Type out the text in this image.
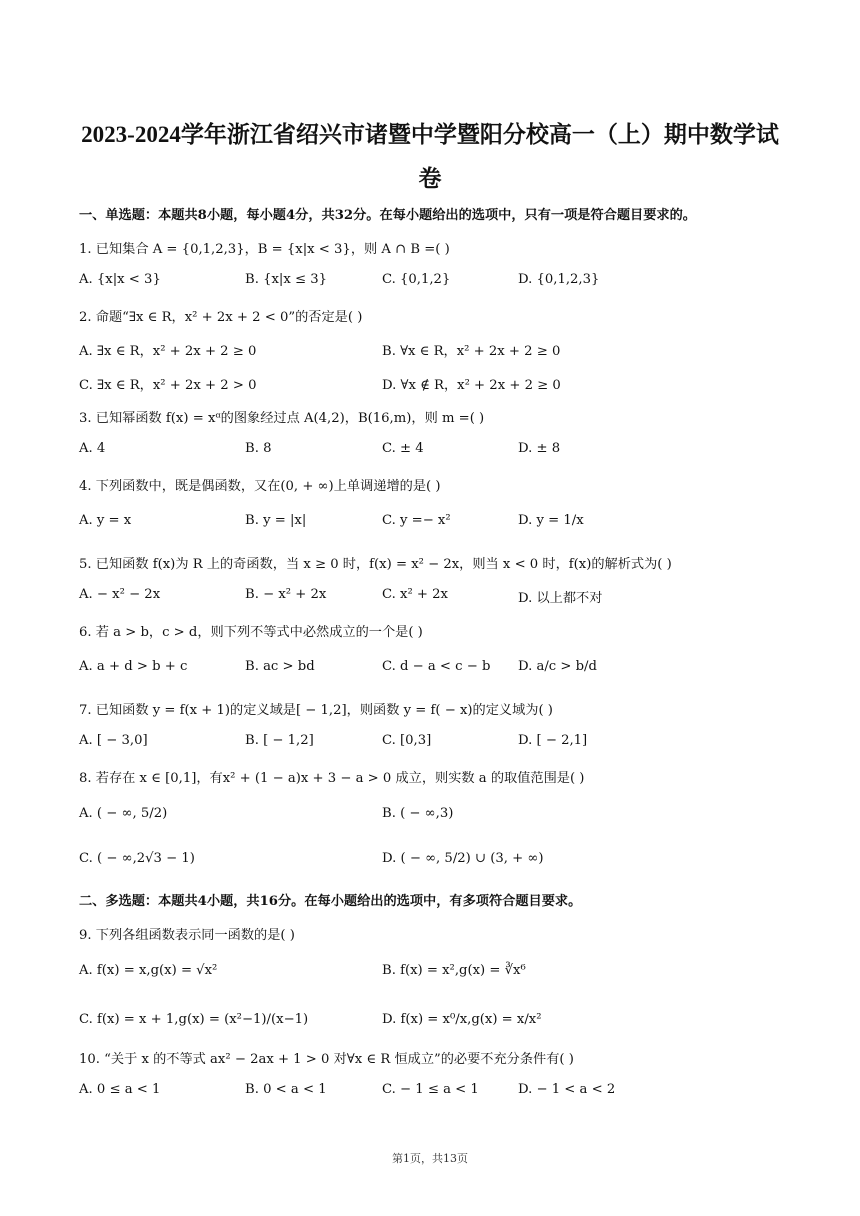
2023-2024学年浙江省绍兴市诸暨中学暨阳分校高一（上）期中数学试
卷
一、单选题：本题共8小题，每小题4分，共32分。在每小题给出的选项中，只有一项是符合题目要求的。
1. 已知集合 A = {0,1,2,3}，B = {x|x < 3}，则 A ∩ B =( )
A. {x|x < 3}	B. {x|x ≤ 3}	C. {0,1,2}	D. {0,1,2,3}
2. 命题“∃x ∈ R，x² + 2x + 2 < 0”的否定是( )
A. ∃x ∈ R，x² + 2x + 2 ≥ 0	B. ∀x ∈ R，x² + 2x + 2 ≥ 0
C. ∃x ∈ R，x² + 2x + 2 > 0	D. ∀x ∉ R，x² + 2x + 2 ≥ 0
3. 已知幂函数 f(x) = xᵅ的图象经过点 A(4,2)，B(16,m)，则 m =( )
A. 4	B. 8	C. ± 4	D. ± 8
4. 下列函数中，既是偶函数，又在(0, + ∞)上单调递增的是( )
A. y = x	B. y = |x|	C. y =− x²	D. y = 1/x
5. 已知函数 f(x)为 R 上的奇函数，当 x ≥ 0 时，f(x) = x² − 2x，则当 x < 0 时，f(x)的解析式为( )
A. − x² − 2x	B. − x² + 2x	C. x² + 2x	D. 以上都不对
6. 若 a > b，c > d，则下列不等式中必然成立的一个是( )
A. a + d > b + c	B. ac > bd	C. d − a < c − b D. a/c > b/d
7. 已知函数 y = f(x + 1)的定义域是[ − 1,2]，则函数 y = f( − x)的定义域为( )
A. [ − 3,0]	B. [ − 1,2]	C. [0,3]	D. [ − 2,1]
8. 若存在 x ∈ [0,1]，有x² + (1 − a)x + 3 − a > 0 成立，则实数 a 的取值范围是( )
A. ( − ∞, 5/2)	B. ( − ∞,3)
C. ( − ∞,2√3 − 1)	D. ( − ∞, 5/2) ∪ (3, + ∞)
二、多选题：本题共4小题，共16分。在每小题给出的选项中，有多项符合题目要求。
9. 下列各组函数表示同一函数的是( )
A. f(x) = x,g(x) = √x²	B. f(x) = x²,g(x) = ∛x⁶
C. f(x) = x + 1,g(x) = (x²−1)/(x−1)	D. f(x) = x⁰/x,g(x) = x/x²
10. “关于 x 的不等式 ax² − 2ax + 1 > 0 对∀x ∈ R 恒成立”的必要不充分条件有( )
A. 0 ≤ a < 1	B. 0 < a < 1	C. − 1 ≤ a < 1	D. − 1 < a < 2
第1页，共13页
